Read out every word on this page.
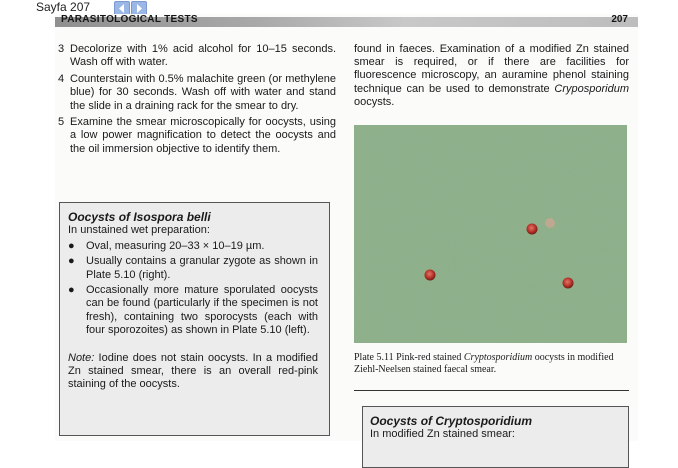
Sayfa 207
PARASITOLOGICAL TESTS	207
3 Decolorize with 1% acid alcohol for 10–15 seconds. Wash off with water.
4 Counterstain with 0.5% malachite green (or methylene blue) for 30 seconds. Wash off with water and stand the slide in a draining rack for the smear to dry.
5 Examine the smear microscopically for oocysts, using a low power magnification to detect the oocysts and the oil immersion objective to identify them.
Oocysts of Isospora belli
In unstained wet preparation:
●	Oval, measuring 20–33 × 10–19 µm.
●	Usually contains a granular zygote as shown in Plate 5.10 (right).
●	Occasionally more mature sporulated oocysts can be found (particularly if the specimen is not fresh), containing two sporocysts (each with four sporozoites) as shown in Plate 5.10 (left).
Note: Iodine does not stain oocysts. In a modified Zn stained smear, there is an overall red-pink staining of the oocysts.
found in faeces. Examination of a modified Zn stained smear is required, or if there are facilities for fluorescence microscopy, an auramine phenol staining technique can be used to demonstrate Cryposporidum oocysts.
Plate 5.11 Pink-red stained Cryptosporidium oocysts in modified Ziehl-Neelsen stained faecal smear.
Oocysts of Cryptosporidium
In modified Zn stained smear:
